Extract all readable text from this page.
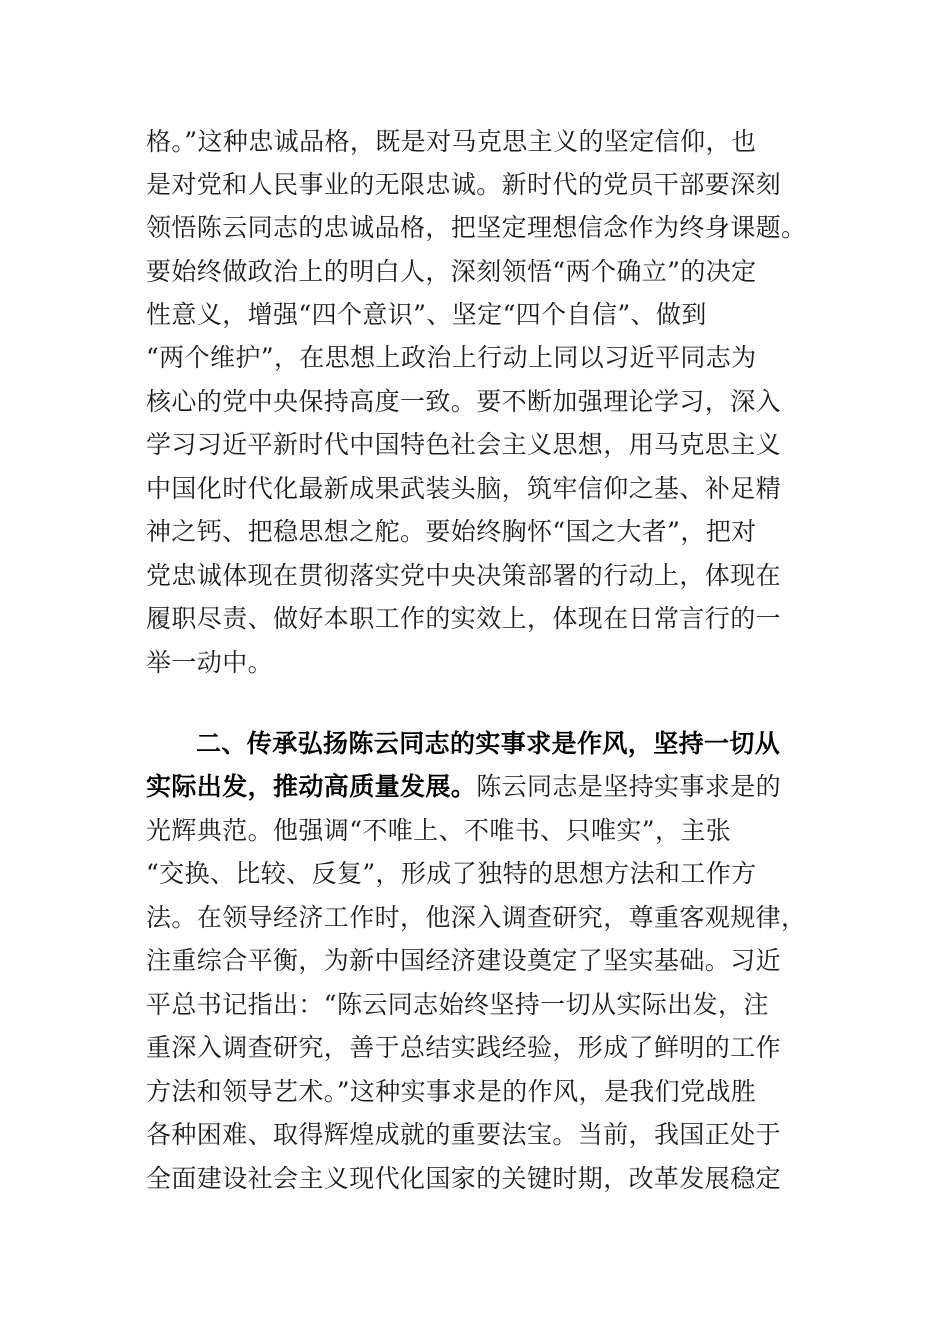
格。”这种忠诚品格，既是对马克思主义的坚定信仰，也

是对党和人民事业的无限忠诚。新时代的党员干部要深刻

领悟陈云同志的忠诚品格，把坚定理想信念作为终身课题。

要始终做政治上的明白人，深刻领悟“两个确立”的决定

性意义，增强“四个意识”、坚定“四个自信”、做到

“两个维护”，在思想上政治上行动上同以习近平同志为

核心的党中央保持高度一致。要不断加强理论学习，深入

学习习近平新时代中国特色社会主义思想，用马克思主义

中国化时代化最新成果武装头脑，筑牢信仰之基、补足精

神之钙、把稳思想之舵。要始终胸怀“国之大者”，把对

党忠诚体现在贯彻落实党中央决策部署的行动上，体现在

履职尽责、做好本职工作的实效上，体现在日常言行的一

举一动中。

二、传承弘扬陈云同志的实事求是作风，坚持一切从

实际出发，推动高质量发展。陈云同志是坚持实事求是的

光辉典范。他强调“不唯上、不唯书、只唯实”，主张

“交换、比较、反复”，形成了独特的思想方法和工作方

法。在领导经济工作时，他深入调查研究，尊重客观规律，

注重综合平衡，为新中国经济建设奠定了坚实基础。习近

平总书记指出：“陈云同志始终坚持一切从实际出发，注

重深入调查研究，善于总结实践经验，形成了鲜明的工作

方法和领导艺术。”这种实事求是的作风，是我们党战胜

各种困难、取得辉煌成就的重要法宝。当前，我国正处于

全面建设社会主义现代化国家的关键时期，改革发展稳定
